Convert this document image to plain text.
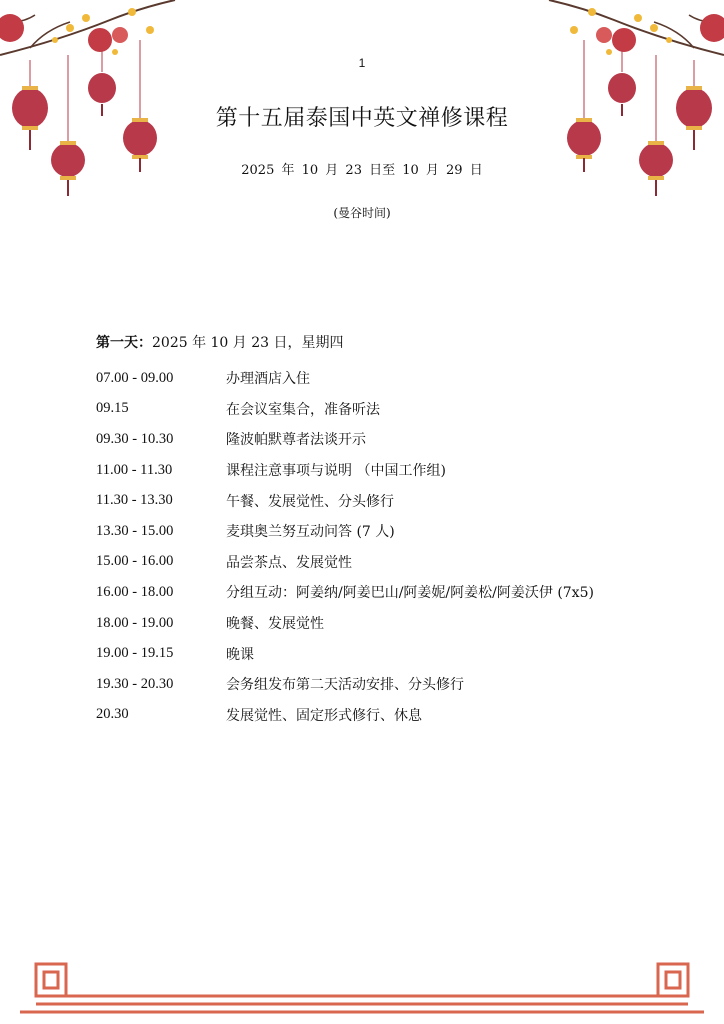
1
第十五届泰国中英文禅修课程
2025 年 10 月 23 日至 10 月 29 日
(曼谷时间)
第一天：2025 年 10 月 23 日，星期四
07.00 - 09.00	办理酒店入住
09.15	在会议室集合，准备听法
09.30 - 10.30	隆波帕默尊者法谈开示
11.00 - 11.30	课程注意事项与说明 （中国工作组)
11.30 - 13.30	午餐、发展觉性、分头修行
13.30 - 15.00	麦琪奥兰努互动问答 (7 人)
15.00 - 16.00	品尝茶点、发展觉性
16.00 - 18.00	分组互动：阿姜纳/阿姜巴山/阿姜妮/阿姜松/阿姜沃伊 (7x5)
18.00 - 19.00	晚餐、发展觉性
19.00 - 19.15	晚课
19.30 - 20.30	会务组发布第二天活动安排、分头修行
20.30	发展觉性、固定形式修行、休息
